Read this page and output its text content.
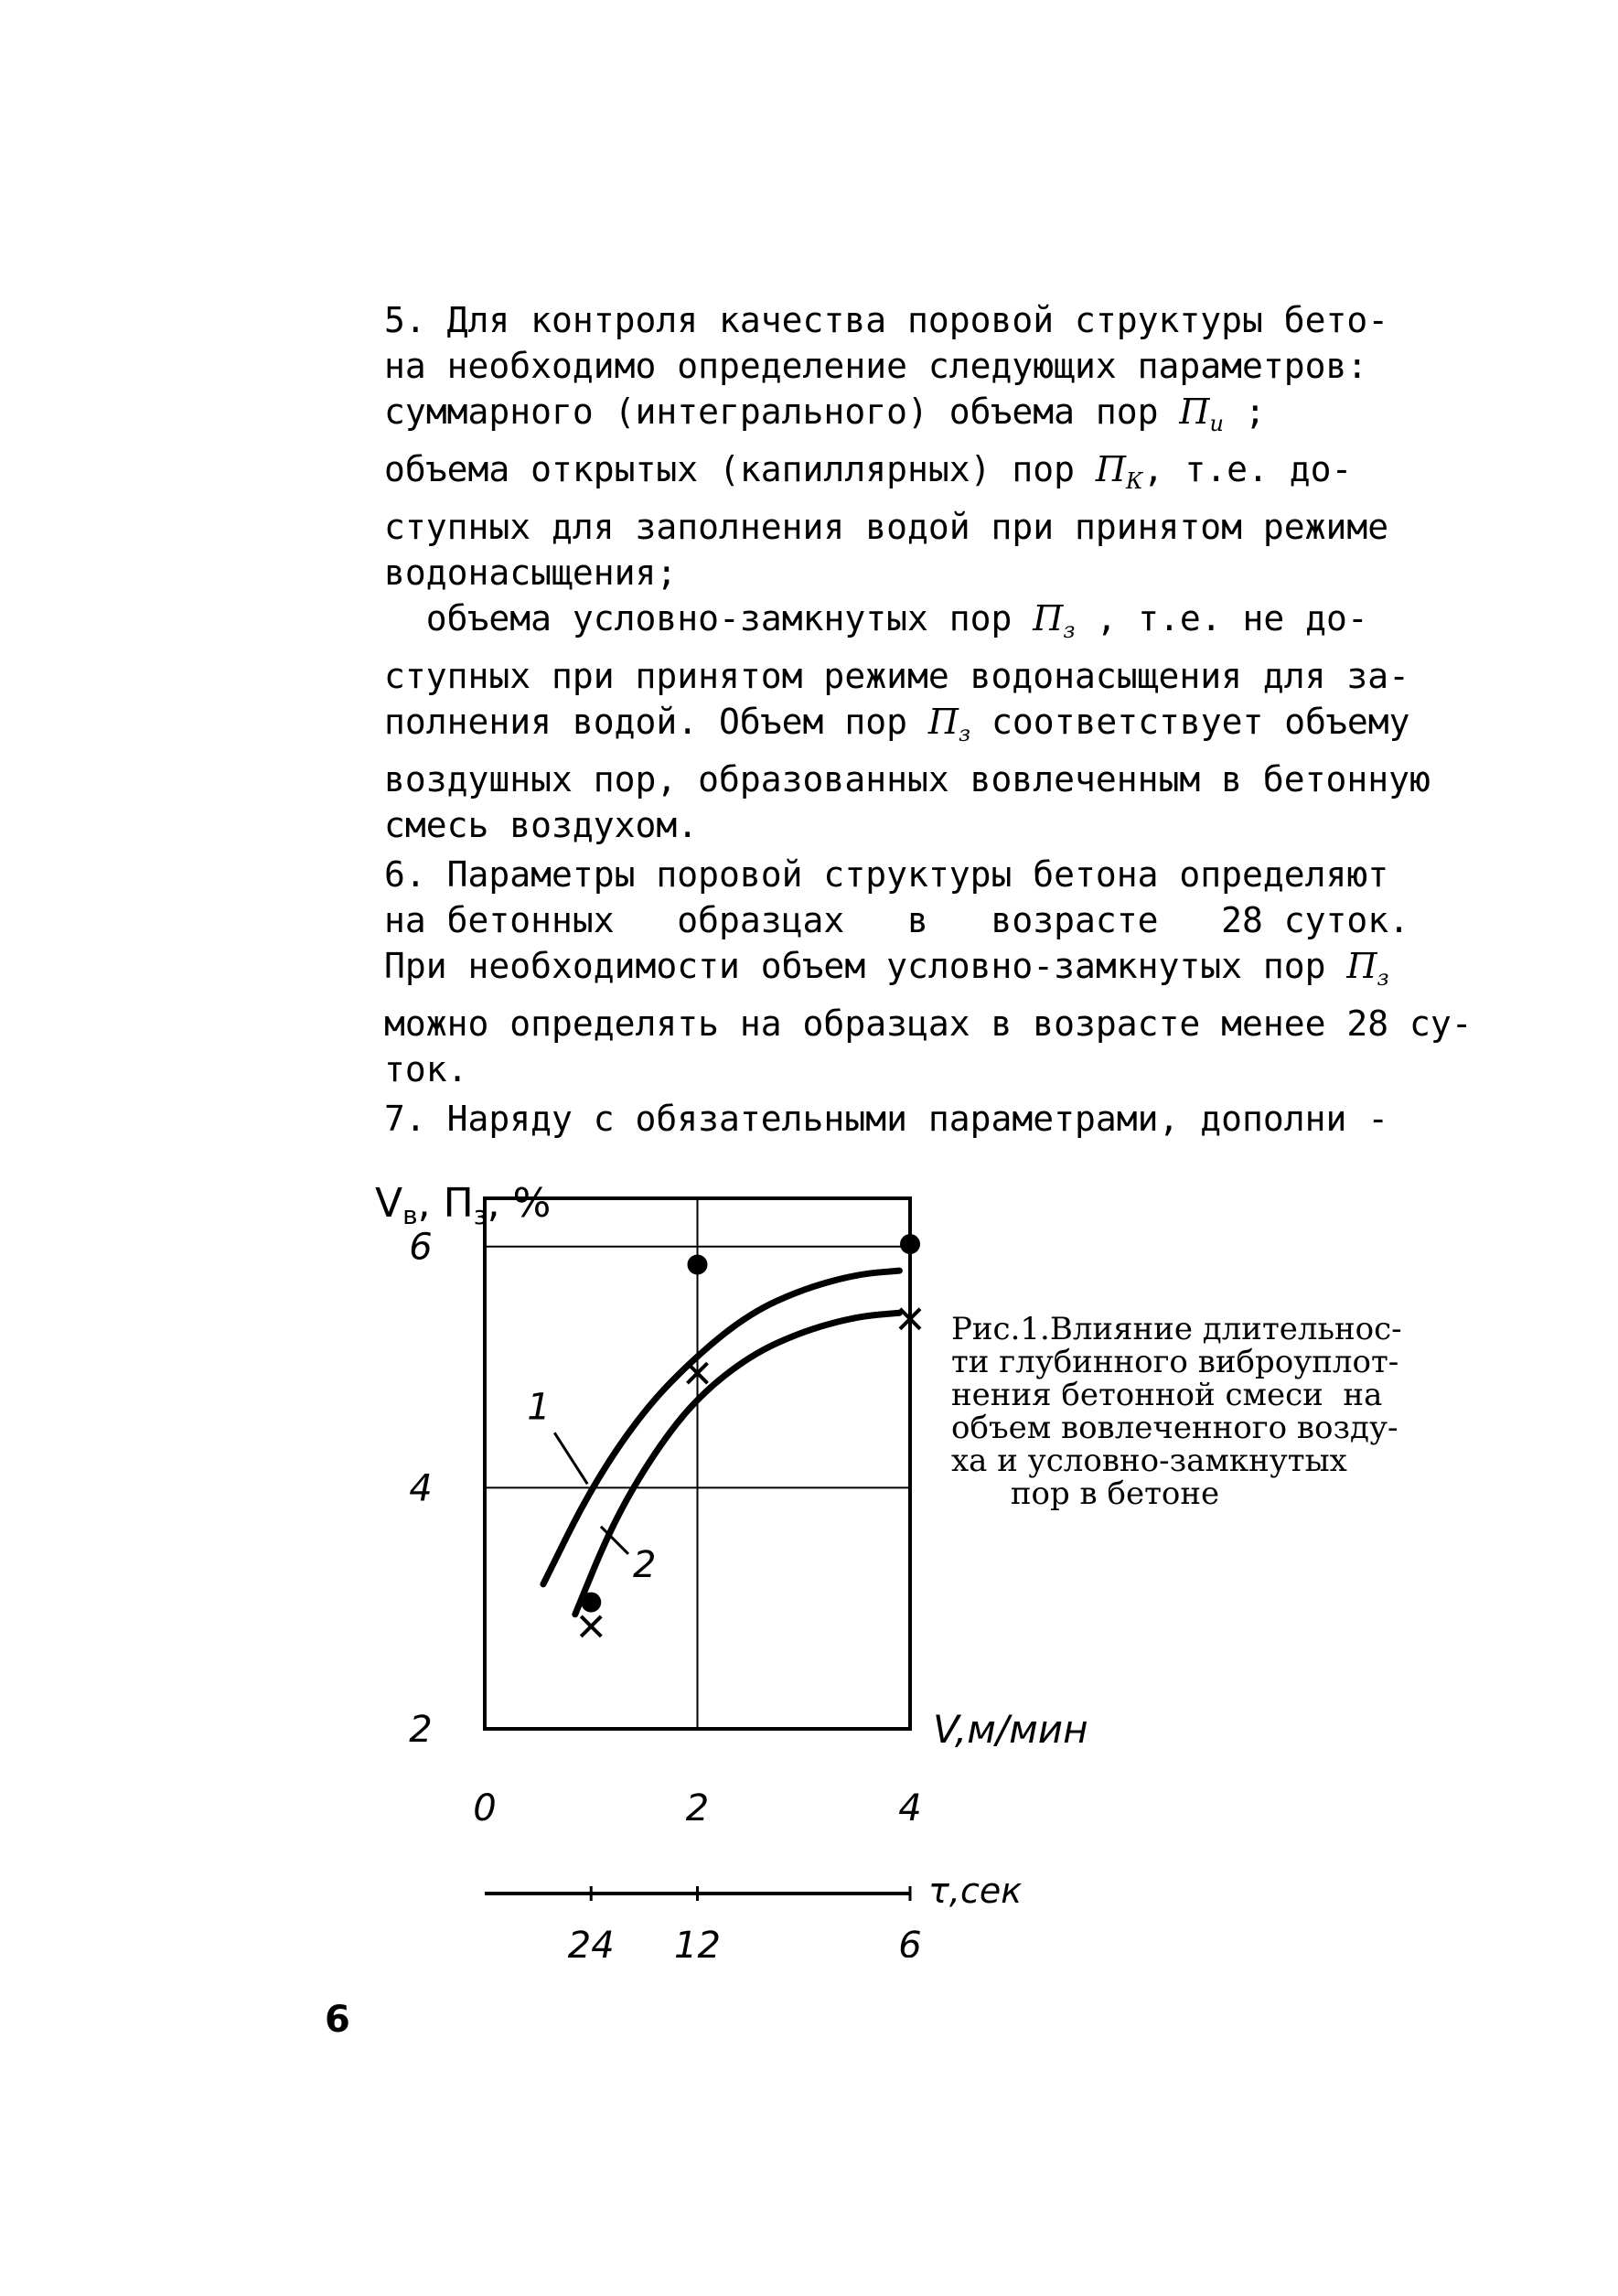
5. Для контроля качества поровой структуры бето-
на необходимо определение следующих параметров:
суммарного (интегрального) объема пор $П_и$ ;
объема открытых (капиллярных) пор $П_К$, т.е. до-
ступных для заполнения водой при принятом режиме
водонасыщения;
объема условно-замкнутых пор $П_з$ , т.е. не до-
ступных при принятом режиме водонасыщения для за-
полнения водой. Объем пор $П_з$ соответствует объему
воздушных пор, образованных вовлеченным в бетонную
смесь воздухом.

6. Параметры поровой структуры бетона определяют
на бетонных   образцах   в   возрасте   28 суток.
При необходимости объем условно-замкнутых пор $П_з$
можно определять на образцах в возрасте менее 28 су-
ток.

7. Наряду с обязательными параметрами, дополни -

2
4
6
0	2	4
24 12	6
τ,сек
Vв, Пз, %
V,м/мин
1
2
Рис.1.Влияние длительнос-
ти глубинного виброуплот-
нения бетонной смеси  на
объем вовлеченного возду-
ха и условно-замкнутых
пор в бетоне
6
